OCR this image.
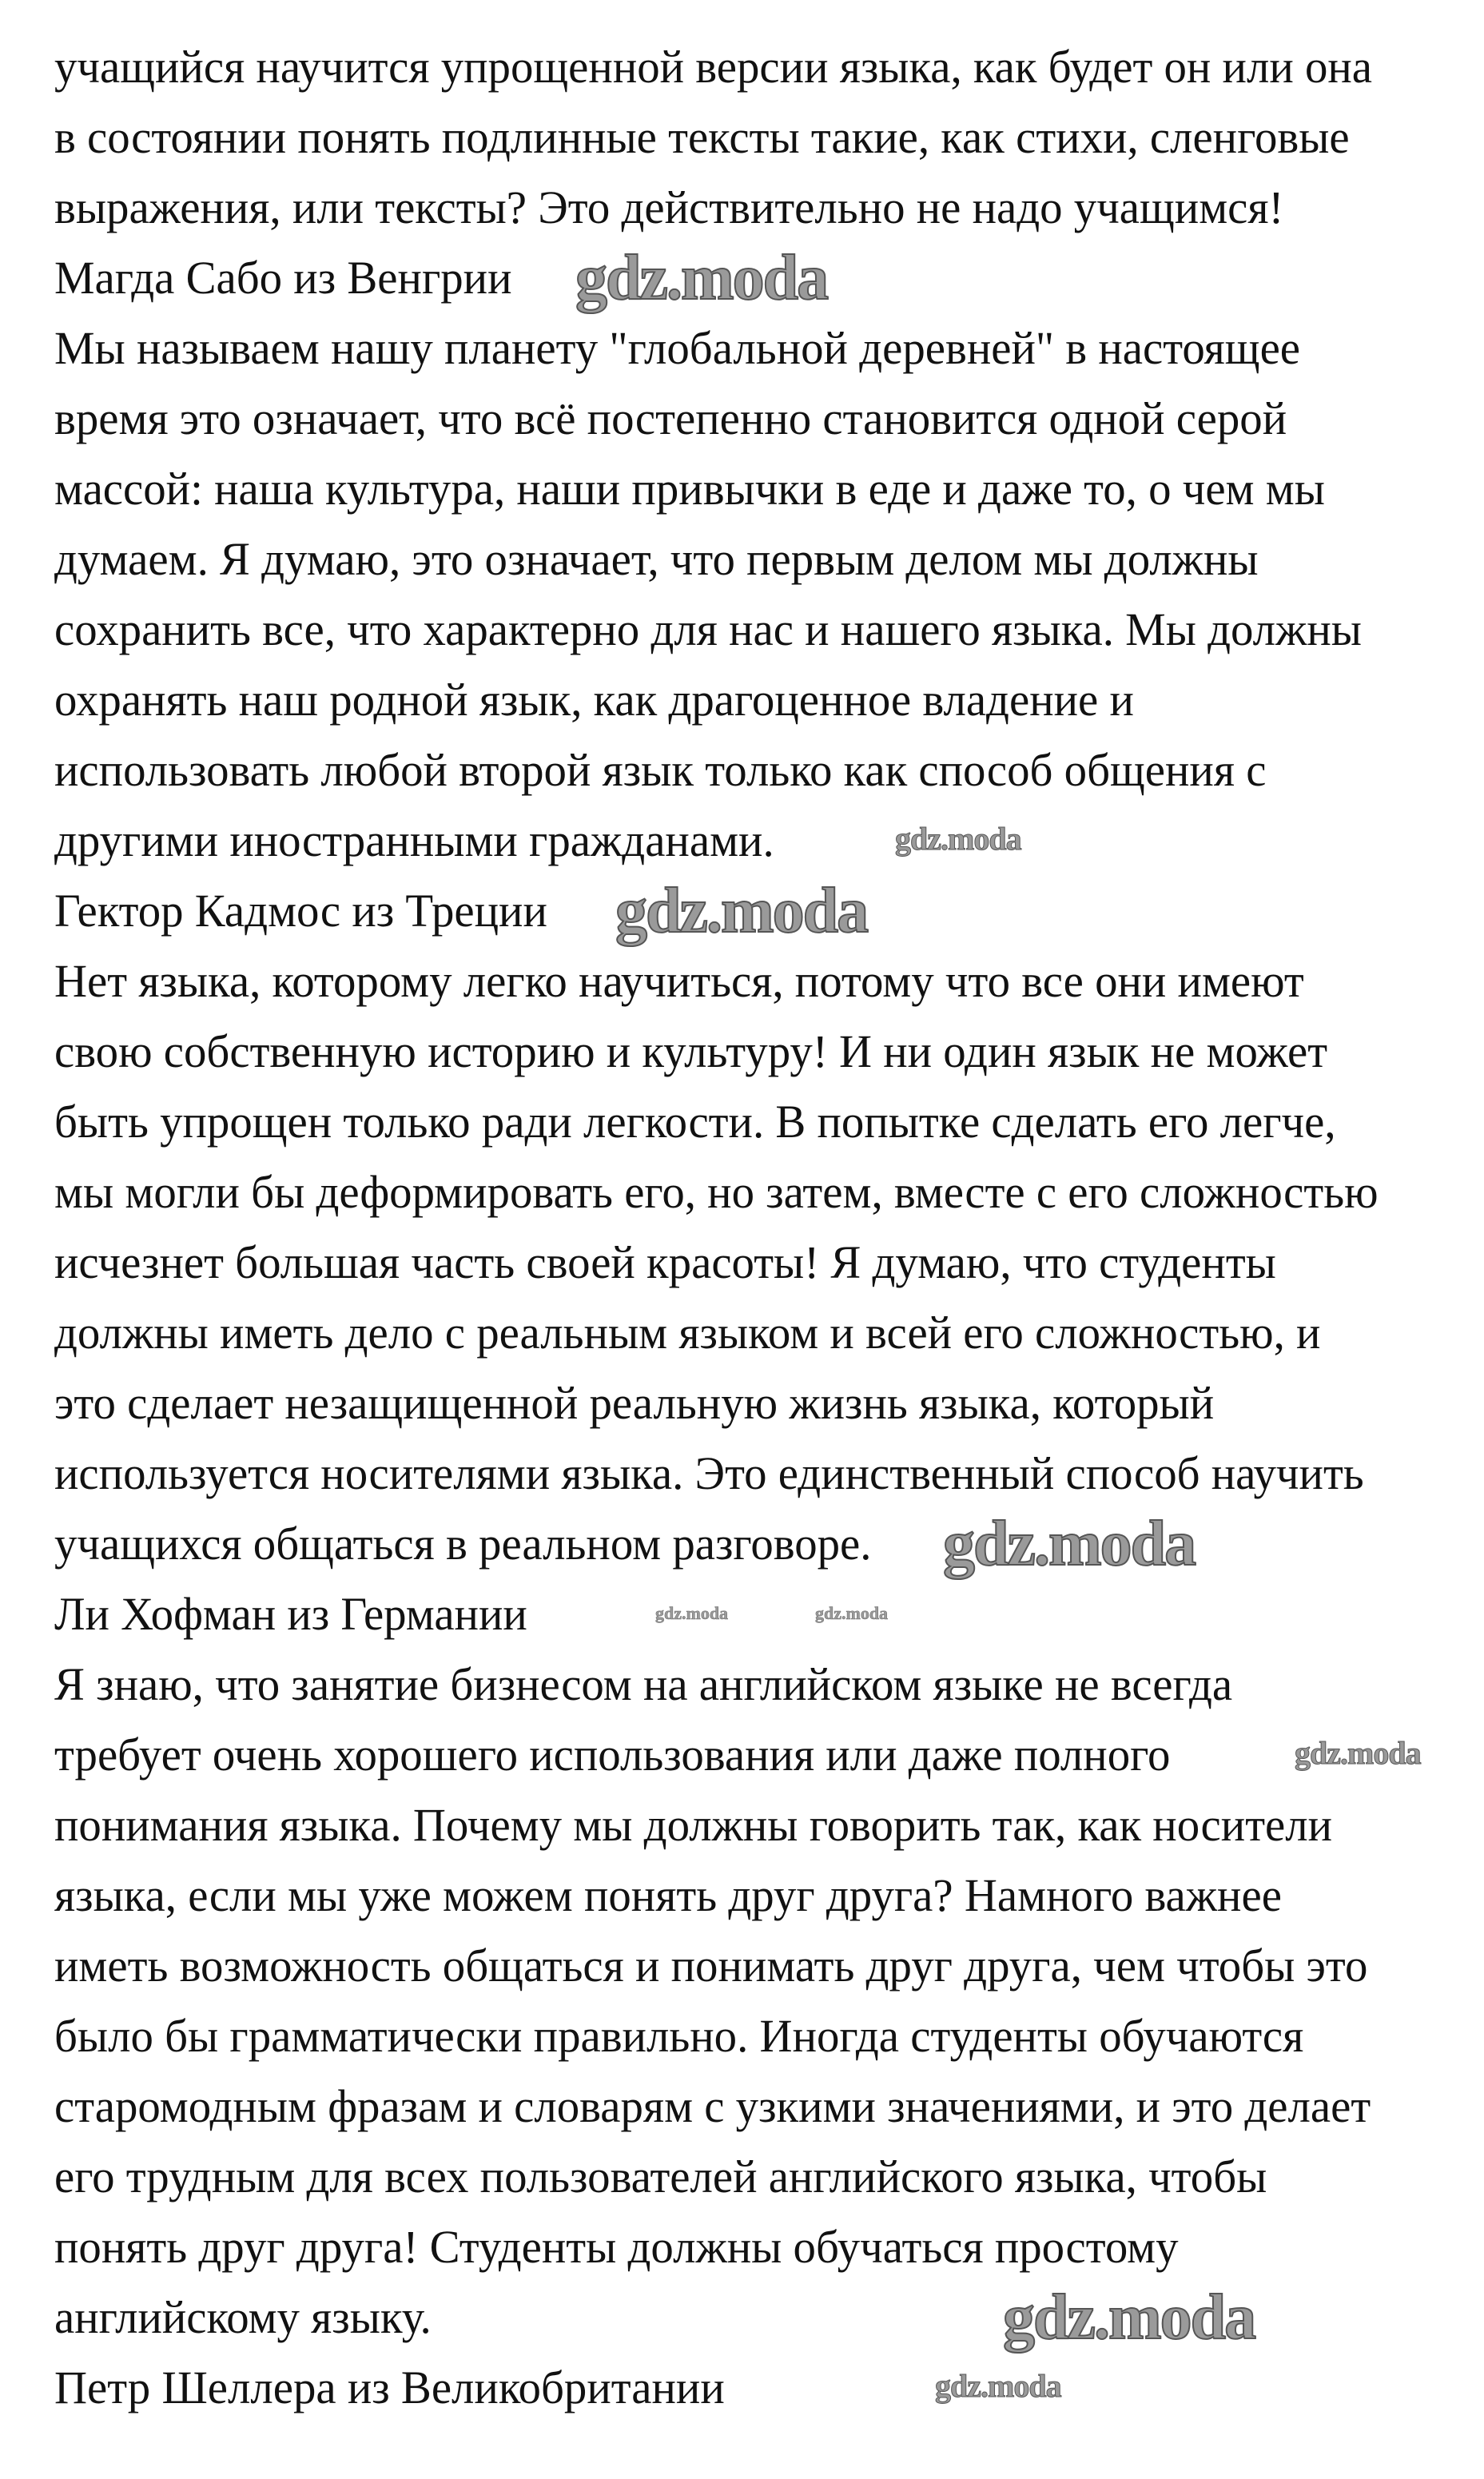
учащийся научится упрощенной версии языка, как будет он или она
в состоянии понять подлинные тексты такие, как стихи, сленговые
выражения, или тексты? Это действительно не надо учащимся!
Магда Сабо из Венгрии
Мы называем нашу планету "глобальной деревней" в настоящее
время это означает, что всё постепенно становится одной серой
массой: наша культура, наши привычки в еде и даже то, о чем мы
думаем. Я думаю, это означает, что первым делом мы должны
сохранить все, что характерно для нас и нашего языка. Мы должны
охранять наш родной язык, как драгоценное владение и
использовать любой второй язык только как способ общения с
другими иностранными гражданами.
Гектор Кадмос из Треции
Нет языка, которому легко научиться, потому что все они имеют
свою собственную историю и культуру! И ни один язык не может
быть упрощен только ради легкости. В попытке сделать его легче,
мы могли бы деформировать его, но затем, вместе с его сложностью
исчезнет большая часть своей красоты! Я думаю, что студенты
должны иметь дело с реальным языком и всей его сложностью, и
это сделает незащищенной реальную жизнь языка, который
используется носителями языка. Это единственный способ научить
учащихся общаться в реальном разговоре.
Ли Хофман из Германии
Я знаю, что занятие бизнесом на английском языке не всегда
требует очень хорошего использования или даже полного
понимания языка. Почему мы должны говорить так, как носители
языка, если мы уже можем понять друг друга? Намного важнее
иметь возможность общаться и понимать друг друга, чем чтобы это
было бы грамматически правильно. Иногда студенты обучаются
старомодным фразам и словарям с узкими значениями, и это делает
его трудным для всех пользователей английского языка, чтобы
понять друг друга! Студенты должны обучаться простому
английскому языку.
Петр Шеллера из Великобритании
gdz.moda
gdz.moda
gdz.moda
gdz.moda
gdz.moda	gdz.moda
gdz.moda
gdz.moda
gdz.moda
